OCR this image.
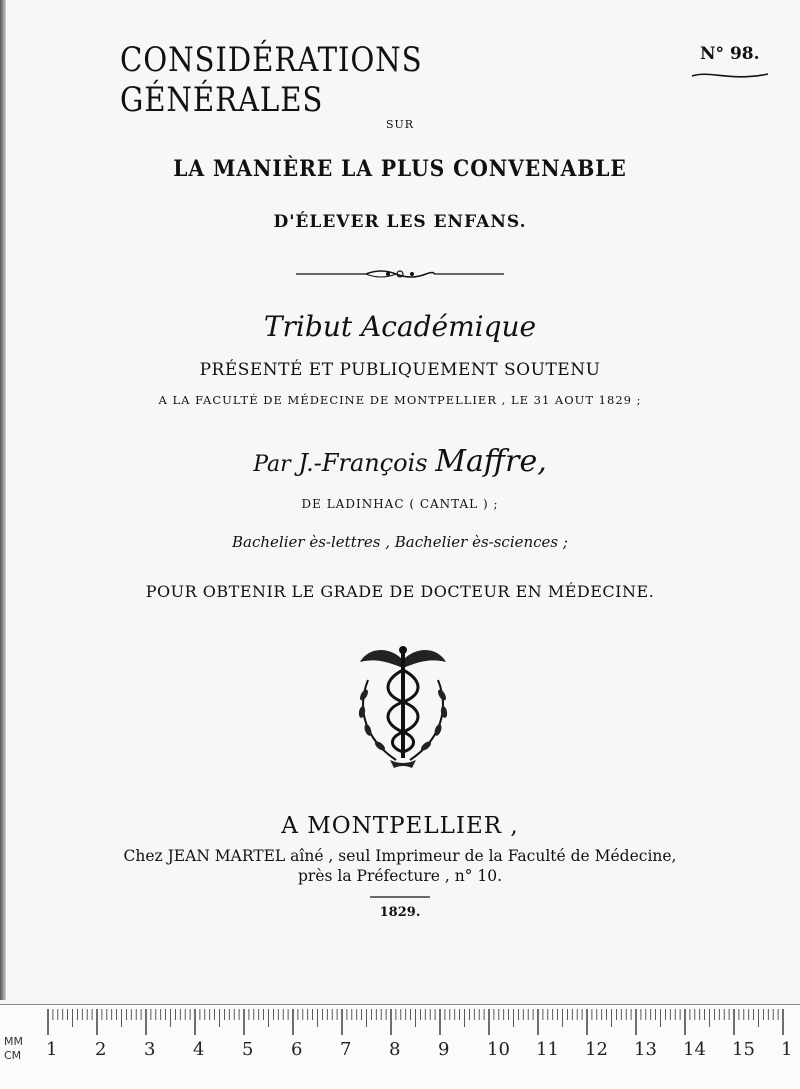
CONSIDÉRATIONS GÉNÉRALES
N° 98.
SUR
LA MANIÈRE LA PLUS CONVENABLE
D'ÉLEVER LES ENFANS.
Tribut Académique
PRÉSENTÉ ET PUBLIQUEMENT SOUTENU
A LA FACULTÉ DE MÉDECINE DE MONTPELLIER , LE 31 AOUT 1829 ;
Par J.-François Maffre,
DE LADINHAC ( CANTAL ) ;
Bachelier ès-lettres , Bachelier ès-sciences ;
POUR OBTENIR LE GRADE DE DOCTEUR EN MÉDECINE.
A MONTPELLIER ,
Chez JEAN MARTEL aîné , seul Imprimeur de la Faculté de Médecine,
près la Préfecture , n° 10.
1829.
MM
CM 1 2 3 4 5 6 7 8 9 10 11 12 13 14 15 1
